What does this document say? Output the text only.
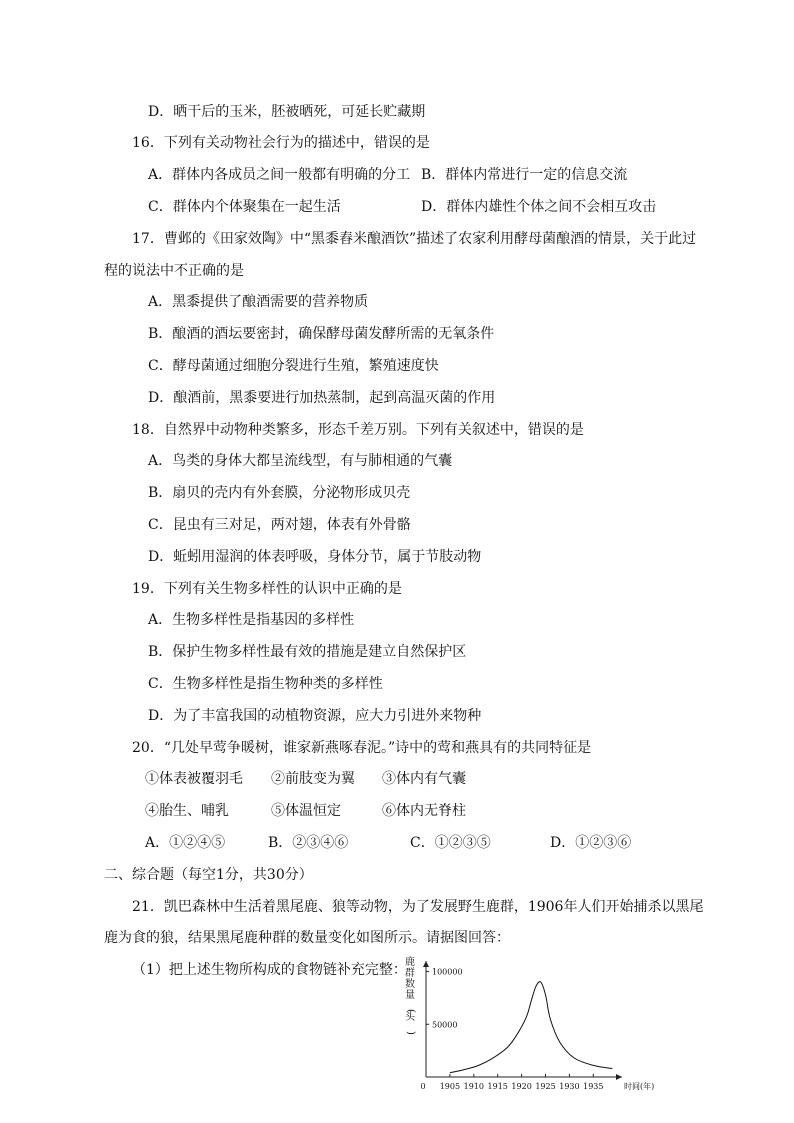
D．晒干后的玉米，胚被晒死，可延长贮藏期
16．下列有关动物社会行为的描述中，错误的是
A．群体内各成员之间一般都有明确的分工 B．群体内常进行一定的信息交流
C．群体内个体聚集在一起生活	D．群体内雄性个体之间不会相互攻击
17．曹邺的《田家效陶》中“黑黍舂米酿酒饮”描述了农家利用酵母菌酿酒的情景，关于此过
程的说法中不正确的是
A．黑黍提供了酿酒需要的营养物质
B．酿酒的酒坛要密封，确保酵母菌发酵所需的无氧条件
C．酵母菌通过细胞分裂进行生殖，繁殖速度快
D．酿酒前，黑黍要进行加热蒸制，起到高温灭菌的作用
18．自然界中动物种类繁多，形态千差万别。下列有关叙述中，错误的是
A．鸟类的身体大都呈流线型，有与肺相通的气囊
B．扇贝的壳内有外套膜，分泌物形成贝壳
C．昆虫有三对足，两对翅，体表有外骨骼
D．蚯蚓用湿润的体表呼吸，身体分节，属于节肢动物
19．下列有关生物多样性的认识中正确的是
A．生物多样性是指基因的多样性
B．保护生物多样性最有效的措施是建立自然保护区
C．生物多样性是指生物种类的多样性
D．为了丰富我国的动植物资源，应大力引进外来物种
20．“几处早莺争暖树，谁家新燕啄春泥。”诗中的莺和燕具有的共同特征是
①体表被覆羽毛 ②前肢变为翼 ③体内有气囊
④胎生、哺乳	⑤体温恒定	⑥体内无脊柱
A．①②④⑤	B．②③④⑥	C．①②③⑤	D．①②③⑥
二、综合题（每空1分，共30分）
21．凯巴森林中生活着黑尾鹿、狼等动物，为了发展野生鹿群，1906年人们开始捕杀以黑尾
鹿为食的狼，结果黑尾鹿种群的数量变化如图所示。请据图回答：
（1）把上述生物所构成的食物链补充完整：
0 1905 1910 1915 1920 1925 1930 1935	时间(年)
50000
100000
鹿群数量(头)
